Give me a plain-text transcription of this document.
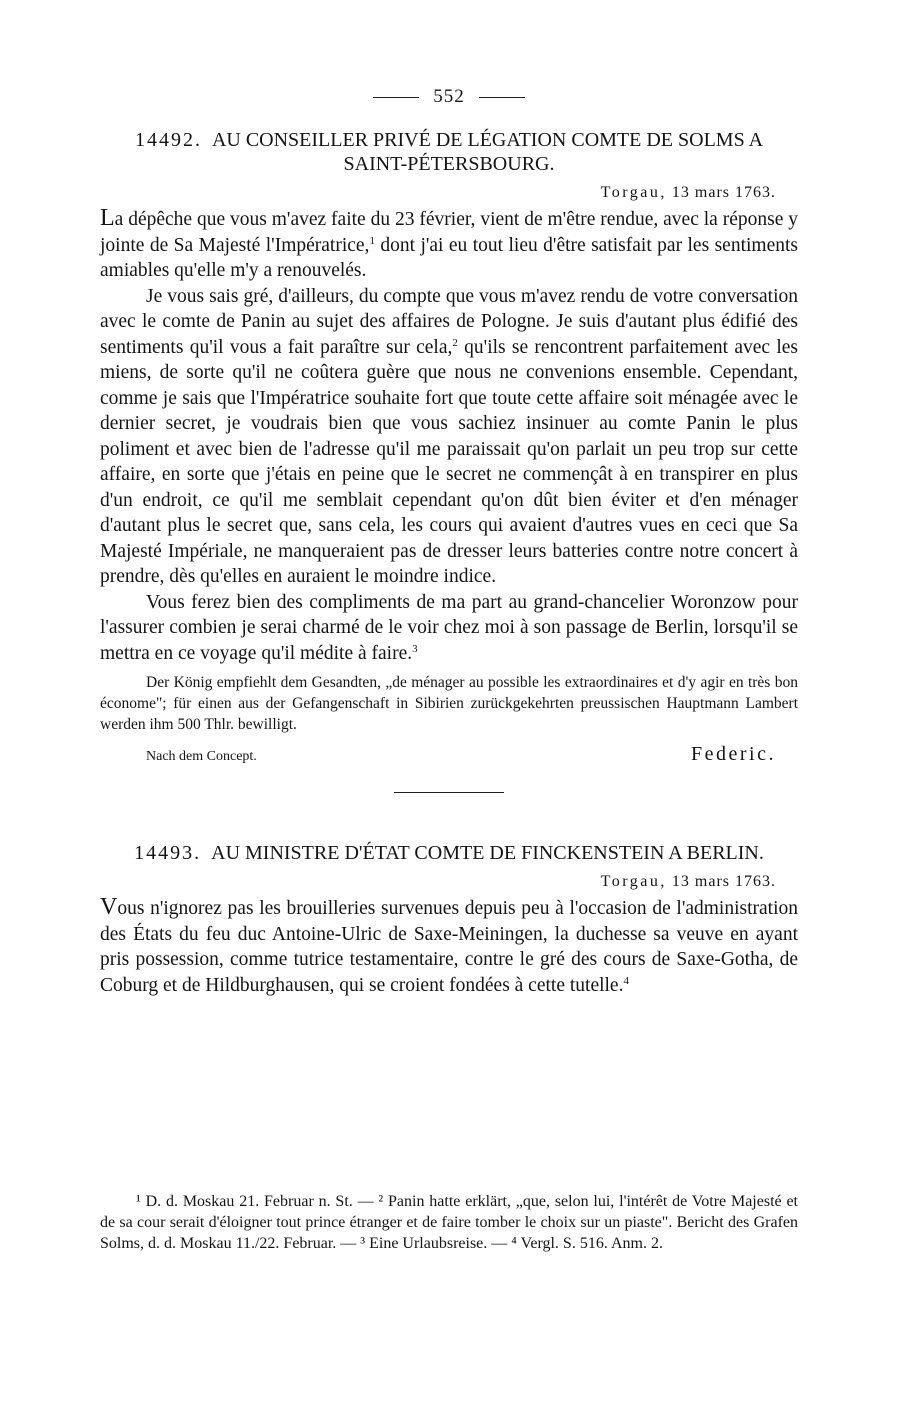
552
14492. AU CONSEILLER PRIVÉ DE LÉGATION COMTE DE SOLMS A SAINT-PÉTERSBOURG.
Torgau, 13 mars 1763.

La dépêche que vous m'avez faite du 23 février, vient de m'être rendue, avec la réponse y jointe de Sa Majesté l'Impératrice,$^1$ dont j'ai eu tout lieu d'être satisfait par les sentiments amiables qu'elle m'y a renouvelés.

Je vous sais gré, d'ailleurs, du compte que vous m'avez rendu de votre conversation avec le comte de Panin au sujet des affaires de Pologne. Je suis d'autant plus édifié des sentiments qu'il vous a fait paraître sur cela,$^2$ qu'ils se rencontrent parfaitement avec les miens, de sorte qu'il ne coûtera guère que nous ne convenions ensemble. Cependant, comme je sais que l'Impératrice souhaite fort que toute cette affaire soit ménagée avec le dernier secret, je voudrais bien que vous sachiez insinuer au comte Panin le plus poliment et avec bien de l'adresse qu'il me paraissait qu'on parlait un peu trop sur cette affaire, en sorte que j'étais en peine que le secret ne commençât à en transpirer en plus d'un endroit, ce qu'il me semblait cependant qu'on dût bien éviter et d'en ménager d'autant plus le secret que, sans cela, les cours qui avaient d'autres vues en ceci que Sa Majesté Impériale, ne manqueraient pas de dresser leurs batteries contre notre concert à prendre, dès qu'elles en auraient le moindre indice.

Vous ferez bien des compliments de ma part au grand-chancelier Woronzow pour l'assurer combien je serai charmé de le voir chez moi à son passage de Berlin, lorsqu'il se mettra en ce voyage qu'il médite à faire.$^3$

Der König empfiehlt dem Gesandten, „de ménager au possible les extraordinaires et d'y agir en très bon économe"; für einen aus der Gefangenschaft in Sibirien zurückgekehrten preussischen Hauptmann Lambert werden ihm 500 Thlr. bewilligt.

Nach dem Concept.	Federic.
14493. AU MINISTRE D'ÉTAT COMTE DE FINCKENSTEIN A BERLIN.
Torgau, 13 mars 1763.

Vous n'ignorez pas les brouilleries survenues depuis peu à l'occasion de l'administration des États du feu duc Antoine-Ulric de Saxe-Meiningen, la duchesse sa veuve en ayant pris possession, comme tutrice testamentaire, contre le gré des cours de Saxe-Gotha, de Coburg et de Hildburghausen, qui se croient fondées à cette tutelle.$^4$

¹ D. d. Moskau 21. Februar n. St. — ² Panin hatte erklärt, „que, selon lui, l'intérêt de Votre Majesté et de sa cour serait d'éloigner tout prince étranger et de faire tomber le choix sur un piaste". Bericht des Grafen Solms, d. d. Moskau 11./22. Februar. — ³ Eine Urlaubsreise. — ⁴ Vergl. S. 516. Anm. 2.
